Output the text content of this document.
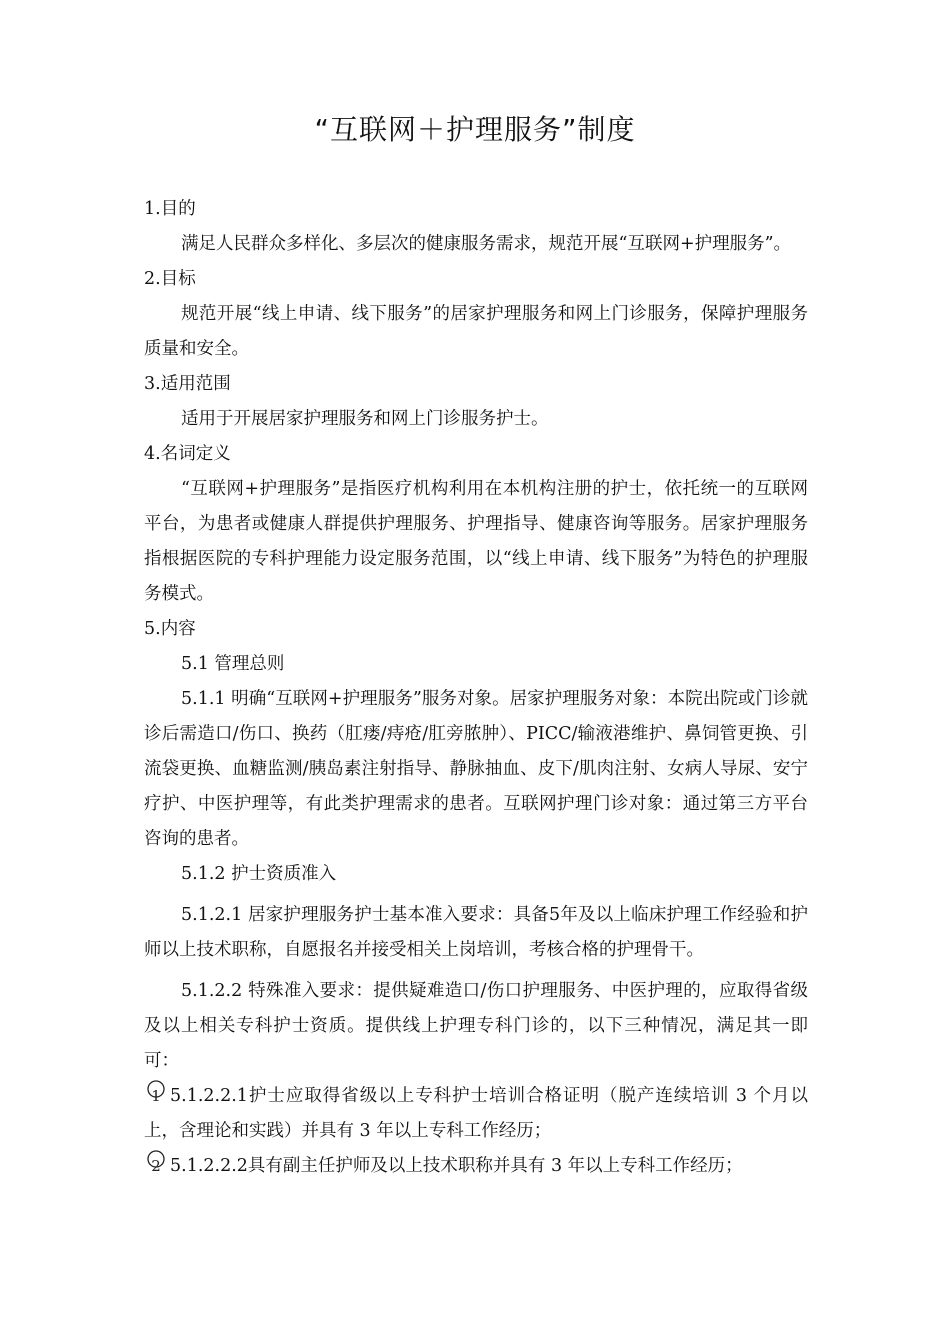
“互联网＋护理服务”制度

1.目的

满足人民群众多样化、多层次的健康服务需求，规范开展“互联网+护理服务”。

2.目标

规范开展“线上申请、线下服务”的居家护理服务和网上门诊服务，保障护理服务质量和安全。

3.适用范围

适用于开展居家护理服务和网上门诊服务护士。

4.名词定义

“互联网+护理服务”是指医疗机构利用在本机构注册的护士，依托统一的互联网平台，为患者或健康人群提供护理服务、护理指导、健康咨询等服务。居家护理服务指根据医院的专科护理能力设定服务范围，以“线上申请、线下服务”为特色的护理服务模式。

5.内容

5.1 管理总则

5.1.1 明确“互联网+护理服务”服务对象。居家护理服务对象：本院出院或门诊就诊后需造口/伤口、换药（肛瘘/痔疮/肛旁脓肿）、PICC/输液港维护、鼻饲管更换、引流袋更换、血糖监测/胰岛素注射指导、静脉抽血、皮下/肌肉注射、女病人导尿、安宁疗护、中医护理等，有此类护理需求的患者。互联网护理门诊对象：通过第三方平台咨询的患者。

5.1.2 护士资质准入

5.1.2.1 居家护理服务护士基本准入要求：具备5年及以上临床护理工作经验和护师以上技术职称，自愿报名并接受相关上岗培训，考核合格的护理骨干。

5.1.2.2 特殊准入要求：提供疑难造口/伤口护理服务、中医护理的，应取得省级及以上相关专科护士资质。提供线上护理专科门诊的，以下三种情况，满足其一即可：

1 5.1.2.2.1护士应取得省级以上专科护士培训合格证明（脱产连续培训 3 个月以上，含理论和实践）并具有 3 年以上专科工作经历；

2 5.1.2.2.2具有副主任护师及以上技术职称并具有 3 年以上专科工作经历；
